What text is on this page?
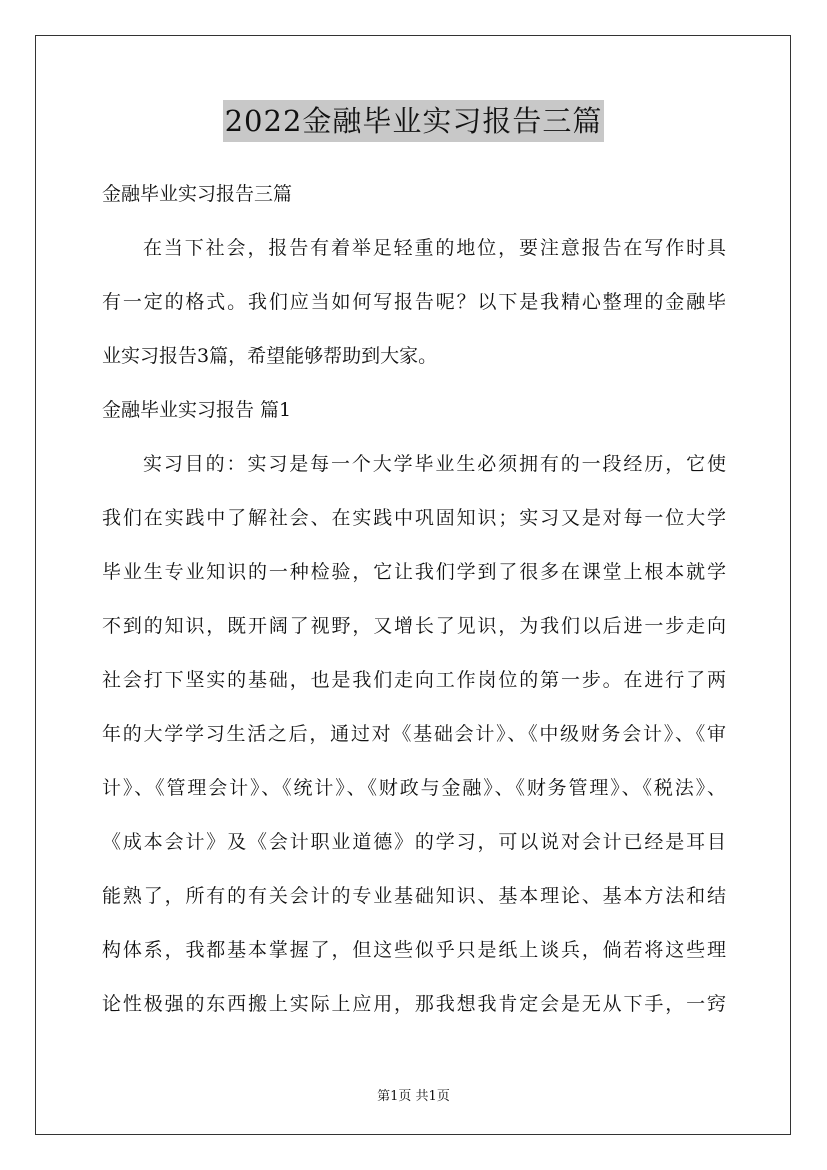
2022金融毕业实习报告三篇
金融毕业实习报告三篇
在当下社会，报告有着举足轻重的地位，要注意报告在写作时具
有一定的格式。我们应当如何写报告呢？以下是我精心整理的金融毕
业实习报告3篇，希望能够帮助到大家。
金融毕业实习报告 篇1
实习目的：实习是每一个大学毕业生必须拥有的一段经历，它使
我们在实践中了解社会、在实践中巩固知识；实习又是对每一位大学
毕业生专业知识的一种检验，它让我们学到了很多在课堂上根本就学
不到的知识，既开阔了视野，又增长了见识，为我们以后进一步走向
社会打下坚实的基础，也是我们走向工作岗位的第一步。在进行了两
年的大学学习生活之后，通过对《基础会计》、《中级财务会计》、《审
计》、《管理会计》、《统计》、《财政与金融》、《财务管理》、《税法》、
《成本会计》及《会计职业道德》的学习，可以说对会计已经是耳目
能熟了，所有的有关会计的专业基础知识、基本理论、基本方法和结
构体系，我都基本掌握了，但这些似乎只是纸上谈兵，倘若将这些理
论性极强的东西搬上实际上应用，那我想我肯定会是无从下手，一窍
第1页 共1页
